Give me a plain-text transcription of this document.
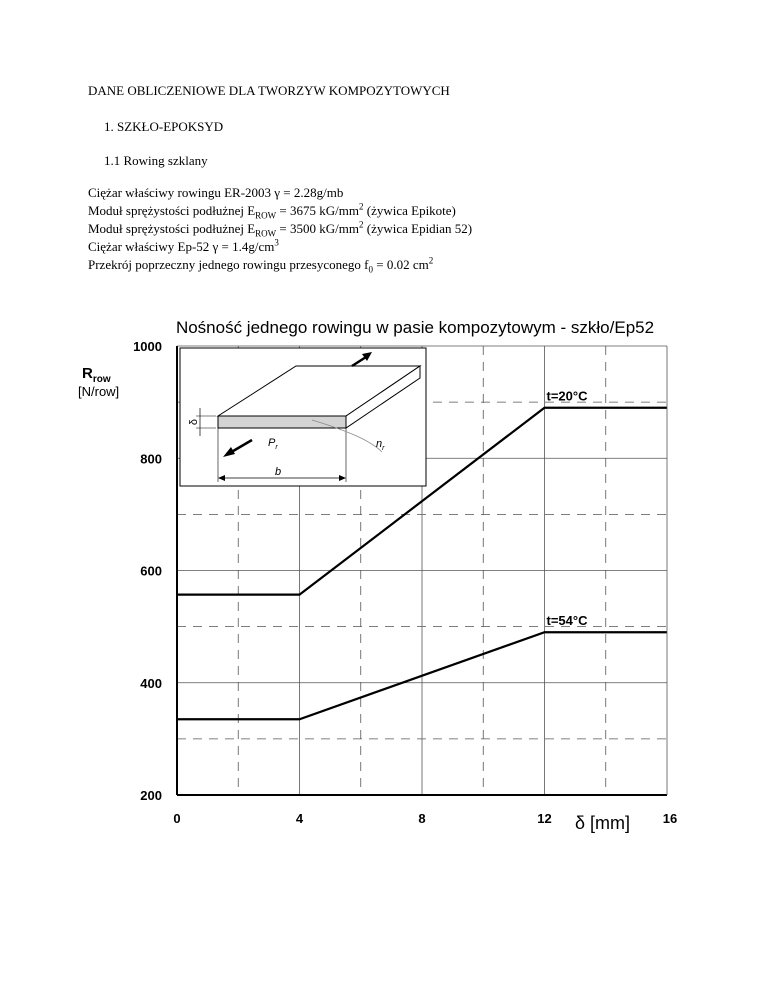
DANE OBLICZENIOWE DLA TWORZYW KOMPOZYTOWYCH
1. SZKŁO-EPOKSYD
1.1 Rowing szklany
Ciężar właściwy rowingu ER-2003 γ = 2.28g/mb
Moduł sprężystości podłużnej $E_{ROW} = 3675$ $kG/mm^2$ (żywica Epikote)
Moduł sprężystości podłużnej $E_{ROW} = 3500$ $kG/mm^2$ (żywica Epidian 52)
Ciężar właściwy Ep-52 $\gamma = 1.4g/cm^3$
Przekrój poprzeczny jednego rowingu przesyconego $f_0 = 0.02$ $cm^2$
Nośność jednego rowingu w pasie kompozytowym - szkło/Ep52
200
400
600
800
1000
0	4	8	12	16
b
δ
$P_r$	$n_r$
$R_{row}$
[N/row]
δ [mm]
t=20°C
t=54°C
